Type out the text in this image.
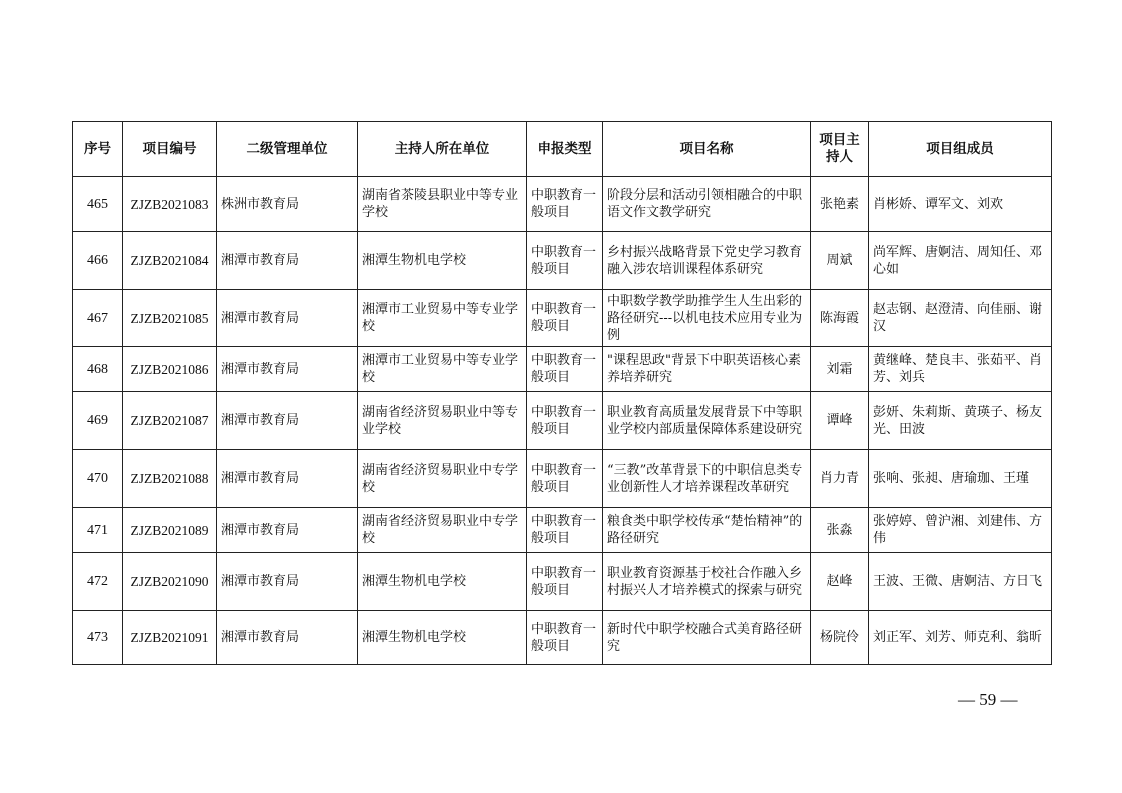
序号	项目编号	二级管理单位	主持人所在单位	申报类型	项目名称	项目主持人	项目组成员
465	ZJZB2021083	株洲市教育局	湖南省茶陵县职业中等专业学校	中职教育一般项目	阶段分层和活动引领相融合的中职语文作文教学研究	张艳素	肖彬娇、谭军文、刘欢
466	ZJZB2021084	湘潭市教育局	湘潭生物机电学校	中职教育一般项目	乡村振兴战略背景下党史学习教育融入涉农培训课程体系研究	周斌	尚军辉、唐婀洁、周知任、邓心如
467	ZJZB2021085	湘潭市教育局	湘潭市工业贸易中等专业学校	中职教育一般项目	中职数学教学助推学生人生出彩的路径研究---以机电技术应用专业为例	陈海霞	赵志钢、赵澄清、向佳丽、谢汉
468	ZJZB2021086	湘潭市教育局	湘潭市工业贸易中等专业学校	中职教育一般项目	"课程思政"背景下中职英语核心素养培养研究	刘霜	黄继峰、楚良丰、张茹平、肖芳、刘兵
469	ZJZB2021087	湘潭市教育局	湖南省经济贸易职业中等专业学校	中职教育一般项目	职业教育高质量发展背景下中等职业学校内部质量保障体系建设研究	谭峰	彭妍、朱莉斯、黄瑛子、杨友光、田波
470	ZJZB2021088	湘潭市教育局	湖南省经济贸易职业中专学校	中职教育一般项目	“三教”改革背景下的中职信息类专业创新性人才培养课程改革研究	肖力青	张响、张昶、唐瑜珈、王瑾
471	ZJZB2021089	湘潭市教育局	湖南省经济贸易职业中专学校	中职教育一般项目	粮食类中职学校传承“楚怡精神”的路径研究	张淼	张婷婷、曾沪湘、刘建伟、方伟
472	ZJZB2021090	湘潭市教育局	湘潭生物机电学校	中职教育一般项目	职业教育资源基于校社合作融入乡村振兴人才培养模式的探索与研究	赵峰	王波、王微、唐婀洁、方日飞
473	ZJZB2021091	湘潭市教育局	湘潭生物机电学校	中职教育一般项目	新时代中职学校融合式美育路径研究	杨院伶	刘正军、刘芳、师克利、翁昕
— 59 —
